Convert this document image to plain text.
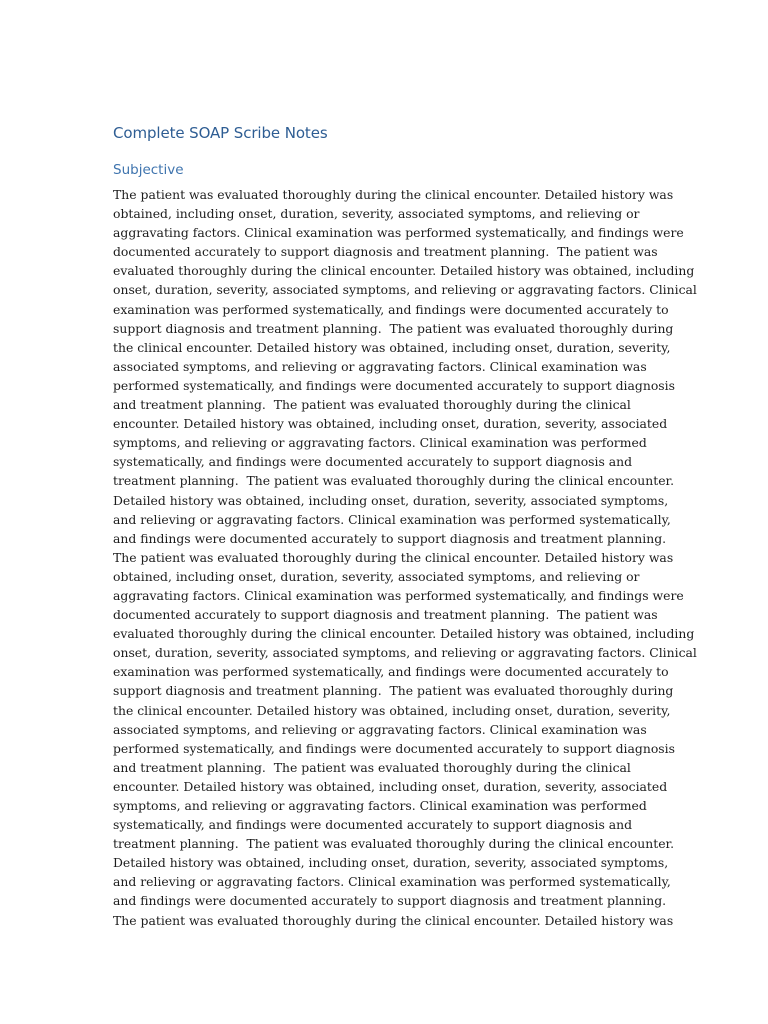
Complete SOAP Scribe Notes
Subjective
The patient was evaluated thoroughly during the clinical encounter. Detailed history was
obtained, including onset, duration, severity, associated symptoms, and relieving or
aggravating factors. Clinical examination was performed systematically, and findings were
documented accurately to support diagnosis and treatment planning.  The patient was
evaluated thoroughly during the clinical encounter. Detailed history was obtained, including
onset, duration, severity, associated symptoms, and relieving or aggravating factors. Clinical
examination was performed systematically, and findings were documented accurately to
support diagnosis and treatment planning.  The patient was evaluated thoroughly during
the clinical encounter. Detailed history was obtained, including onset, duration, severity,
associated symptoms, and relieving or aggravating factors. Clinical examination was
performed systematically, and findings were documented accurately to support diagnosis
and treatment planning.  The patient was evaluated thoroughly during the clinical
encounter. Detailed history was obtained, including onset, duration, severity, associated
symptoms, and relieving or aggravating factors. Clinical examination was performed
systematically, and findings were documented accurately to support diagnosis and
treatment planning.  The patient was evaluated thoroughly during the clinical encounter.
Detailed history was obtained, including onset, duration, severity, associated symptoms,
and relieving or aggravating factors. Clinical examination was performed systematically,
and findings were documented accurately to support diagnosis and treatment planning.
The patient was evaluated thoroughly during the clinical encounter. Detailed history was
obtained, including onset, duration, severity, associated symptoms, and relieving or
aggravating factors. Clinical examination was performed systematically, and findings were
documented accurately to support diagnosis and treatment planning.  The patient was
evaluated thoroughly during the clinical encounter. Detailed history was obtained, including
onset, duration, severity, associated symptoms, and relieving or aggravating factors. Clinical
examination was performed systematically, and findings were documented accurately to
support diagnosis and treatment planning.  The patient was evaluated thoroughly during
the clinical encounter. Detailed history was obtained, including onset, duration, severity,
associated symptoms, and relieving or aggravating factors. Clinical examination was
performed systematically, and findings were documented accurately to support diagnosis
and treatment planning.  The patient was evaluated thoroughly during the clinical
encounter. Detailed history was obtained, including onset, duration, severity, associated
symptoms, and relieving or aggravating factors. Clinical examination was performed
systematically, and findings were documented accurately to support diagnosis and
treatment planning.  The patient was evaluated thoroughly during the clinical encounter.
Detailed history was obtained, including onset, duration, severity, associated symptoms,
and relieving or aggravating factors. Clinical examination was performed systematically,
and findings were documented accurately to support diagnosis and treatment planning.
The patient was evaluated thoroughly during the clinical encounter. Detailed history was
